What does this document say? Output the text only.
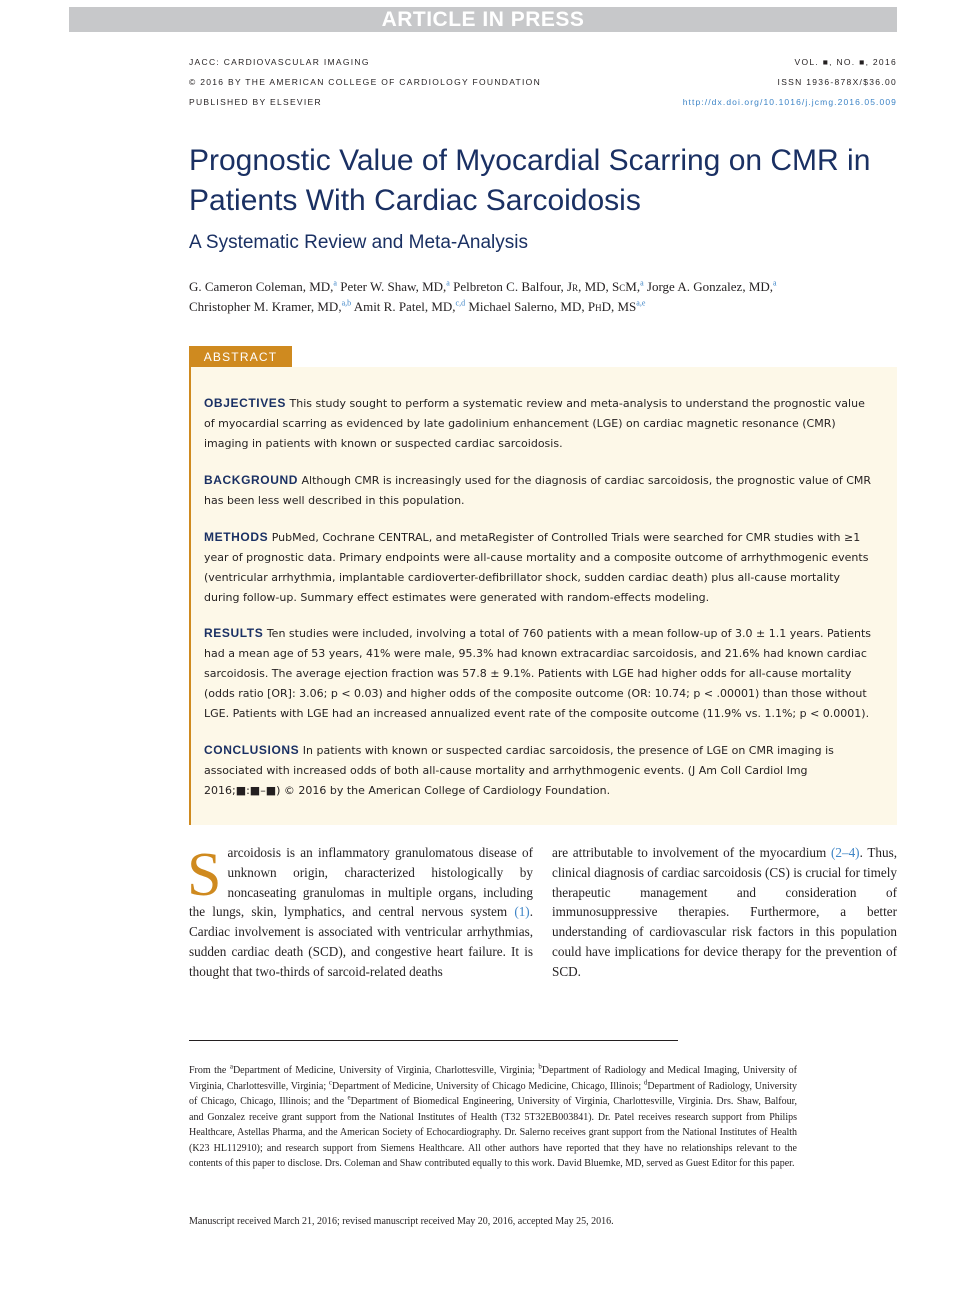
ARTICLE IN PRESS
JACC: CARDIOVASCULAR IMAGING
© 2016 BY THE AMERICAN COLLEGE OF CARDIOLOGY FOUNDATION
PUBLISHED BY ELSEVIER
VOL. ■, NO. ■, 2016
ISSN 1936-878X/$36.00
http://dx.doi.org/10.1016/j.jcmg.2016.05.009
Prognostic Value of Myocardial Scarring on CMR in Patients With Cardiac Sarcoidosis
A Systematic Review and Meta-Analysis
G. Cameron Coleman, MD,$^a$ Peter W. Shaw, MD,$^a$ Pelbreton C. Balfour, Jr, MD, ScM,$^a$ Jorge A. Gonzalez, MD,$^a$
Christopher M. Kramer, MD,$^{a,b}$ Amit R. Patel, MD,$^{c,d}$ Michael Salerno, MD, PhD, MS$^{a,e}$
ABSTRACT
OBJECTIVES This study sought to perform a systematic review and meta-analysis to understand the prognostic value of myocardial scarring as evidenced by late gadolinium enhancement (LGE) on cardiac magnetic resonance (CMR) imaging in patients with known or suspected cardiac sarcoidosis.
BACKGROUND Although CMR is increasingly used for the diagnosis of cardiac sarcoidosis, the prognostic value of CMR has been less well described in this population.
METHODS PubMed, Cochrane CENTRAL, and metaRegister of Controlled Trials were searched for CMR studies with ≥1 year of prognostic data. Primary endpoints were all-cause mortality and a composite outcome of arrhythmogenic events (ventricular arrhythmia, implantable cardioverter-defibrillator shock, sudden cardiac death) plus all-cause mortality during follow-up. Summary effect estimates were generated with random-effects modeling.
RESULTS Ten studies were included, involving a total of 760 patients with a mean follow-up of 3.0 ± 1.1 years. Patients had a mean age of 53 years, 41% were male, 95.3% had known extracardiac sarcoidosis, and 21.6% had known cardiac sarcoidosis. The average ejection fraction was 57.8 ± 9.1%. Patients with LGE had higher odds for all-cause mortality (odds ratio [OR]: 3.06; p < 0.03) and higher odds of the composite outcome (OR: 10.74; p < .00001) than those without LGE. Patients with LGE had an increased annualized event rate of the composite outcome (11.9% vs. 1.1%; p < 0.0001).
CONCLUSIONS In patients with known or suspected cardiac sarcoidosis, the presence of LGE on CMR imaging is associated with increased odds of both all-cause mortality and arrhythmogenic events. (J Am Coll Cardiol Img 2016;■:■–■) © 2016 by the American College of Cardiology Foundation.
Sarcoidosis is an inflammatory granulomatous disease of unknown origin, characterized histologically by noncaseating granulomas in multiple organs, including the lungs, skin, lymphatics, and central nervous system (1). Cardiac involvement is associated with ventricular arrhythmias, sudden cardiac death (SCD), and congestive heart failure. It is thought that two-thirds of sarcoid-related deaths
are attributable to involvement of the myocardium (2–4). Thus, clinical diagnosis of cardiac sarcoidosis (CS) is crucial for timely therapeutic management and consideration of immunosuppressive therapies. Furthermore, a better understanding of cardiovascular risk factors in this population could have implications for device therapy for the prevention of SCD.
From the $^a$Department of Medicine, University of Virginia, Charlottesville, Virginia; $^b$Department of Radiology and Medical Imaging, University of Virginia, Charlottesville, Virginia; $^c$Department of Medicine, University of Chicago Medicine, Chicago, Illinois; $^d$Department of Radiology, University of Chicago, Chicago, Illinois; and the $^e$Department of Biomedical Engineering, University of Virginia, Charlottesville, Virginia. Drs. Shaw, Balfour, and Gonzalez receive grant support from the National Institutes of Health (T32 5T32EB003841). Dr. Patel receives research support from Philips Healthcare, Astellas Pharma, and the American Society of Echocardiography. Dr. Salerno receives grant support from the National Institutes of Health (K23 HL112910); and research support from Siemens Healthcare. All other authors have reported that they have no relationships relevant to the contents of this paper to disclose. Drs. Coleman and Shaw contributed equally to this work. David Bluemke, MD, served as Guest Editor for this paper.
Manuscript received March 21, 2016; revised manuscript received May 20, 2016, accepted May 25, 2016.
